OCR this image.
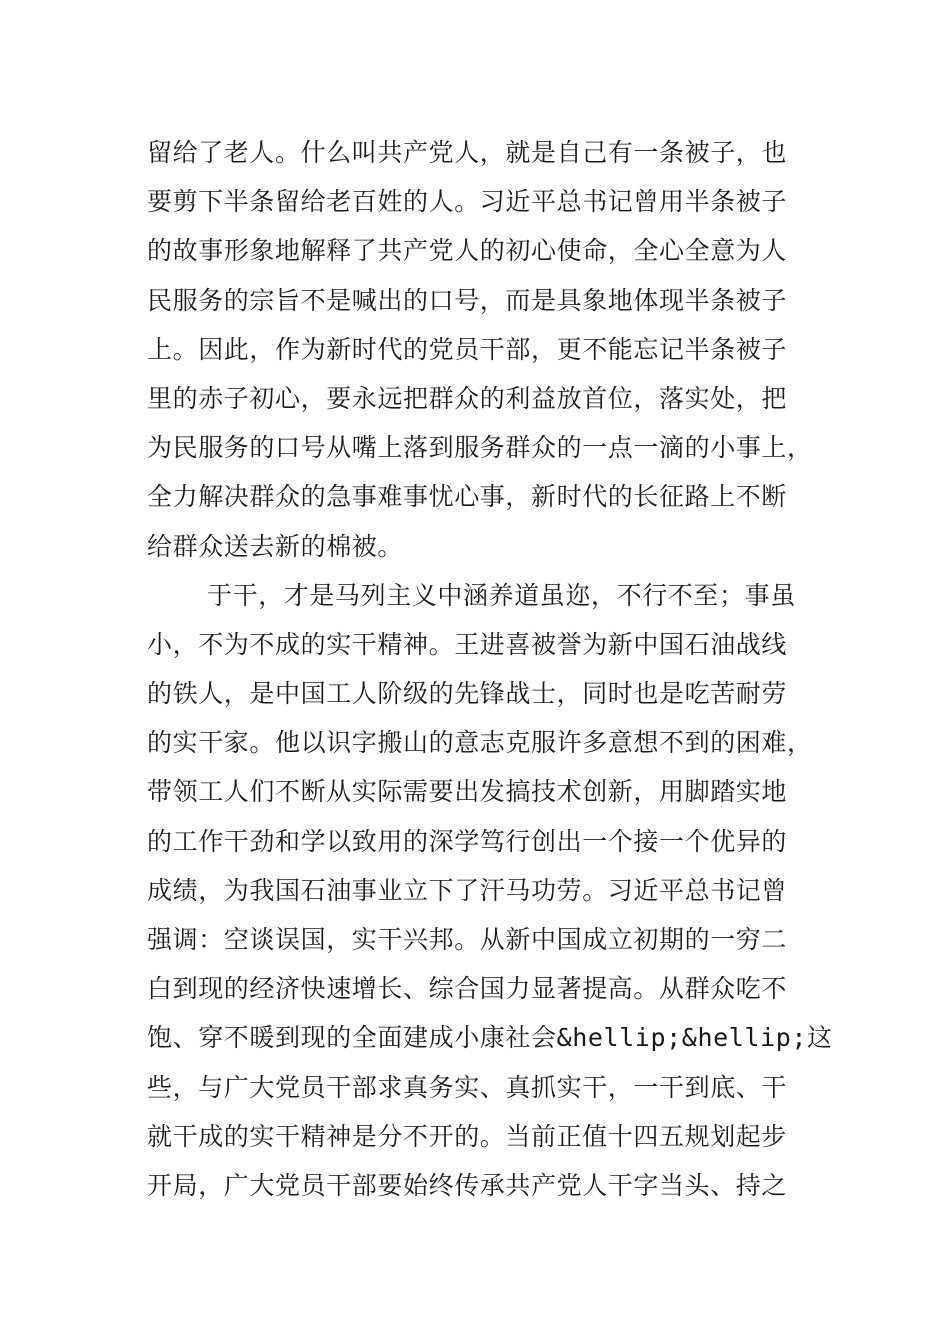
留给了老人。什么叫共产党人，就是自己有一条被子，也
要剪下半条留给老百姓的人。习近平总书记曾用半条被子
的故事形象地解释了共产党人的初心使命，全心全意为人
民服务的宗旨不是喊出的口号，而是具象地体现半条被子
上。因此，作为新时代的党员干部，更不能忘记半条被子
里的赤子初心，要永远把群众的利益放首位，落实处，把
为民服务的口号从嘴上落到服务群众的一点一滴的小事上，
全力解决群众的急事难事忧心事，新时代的长征路上不断
给群众送去新的棉被。
于干，才是马列主义中涵养道虽迩，不行不至；事虽
小，不为不成的实干精神。王进喜被誉为新中国石油战线
的铁人，是中国工人阶级的先锋战士，同时也是吃苦耐劳
的实干家。他以识字搬山的意志克服许多意想不到的困难，
带领工人们不断从实际需要出发搞技术创新，用脚踏实地
的工作干劲和学以致用的深学笃行创出一个接一个优异的
成绩，为我国石油事业立下了汗马功劳。习近平总书记曾
强调：空谈误国，实干兴邦。从新中国成立初期的一穷二
白到现的经济快速增长、综合国力显著提高。从群众吃不
饱、穿不暖到现的全面建成小康社会&hellip;&hellip;这
些，与广大党员干部求真务实、真抓实干，一干到底、干
就干成的实干精神是分不开的。当前正值十四五规划起步
开局，广大党员干部要始终传承共产党人干字当头、持之
